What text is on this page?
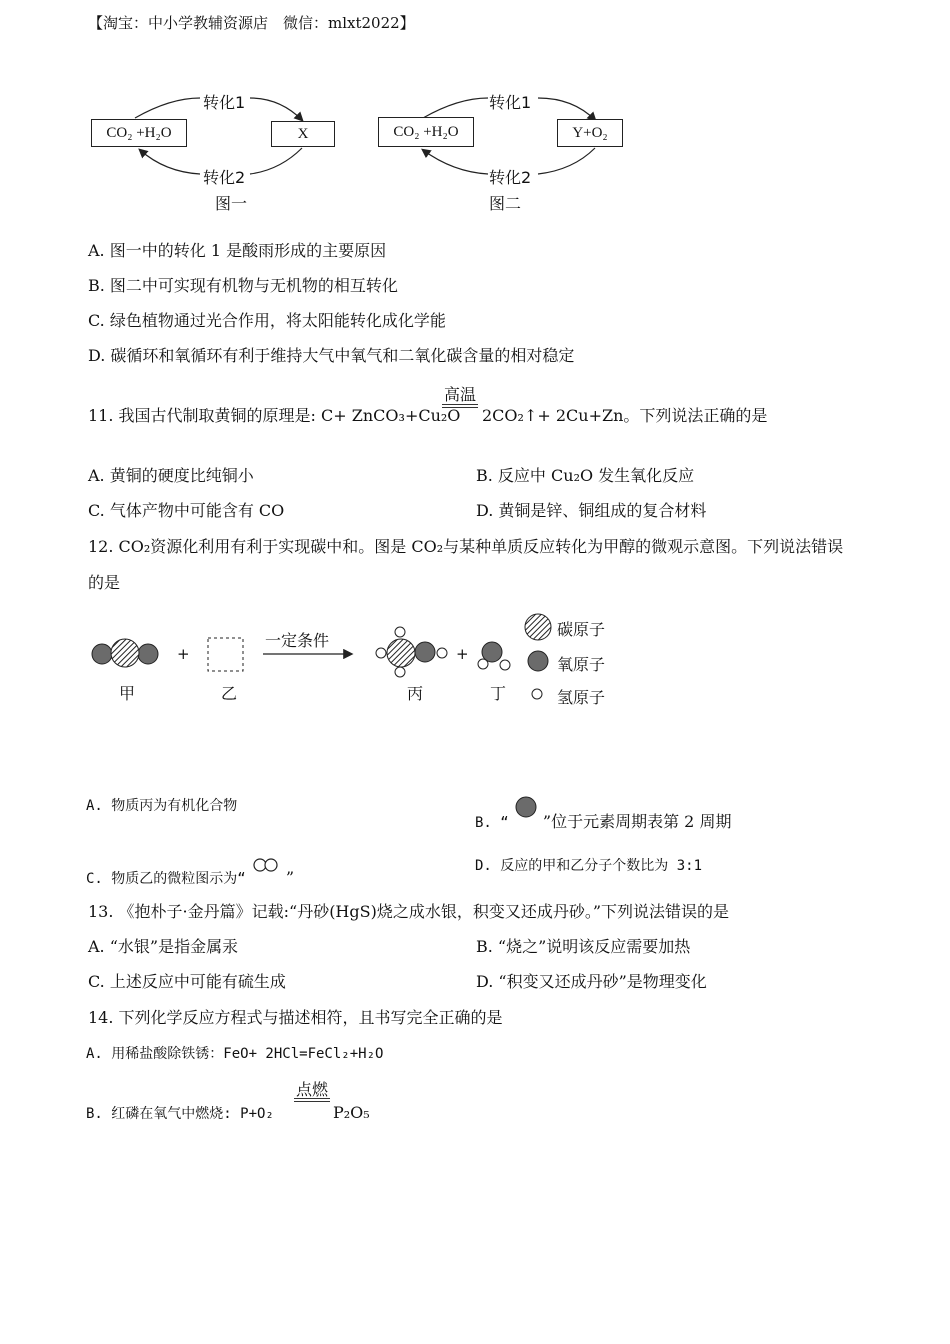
【淘宝：中小学教辅资源店　微信：mlxt2022】
CO₂ +H₂O	X
转化1
转化2
图一
CO₂ +H₂O	Y+O₂
转化1
转化2
图二
A. 图一中的转化 1 是酸雨形成的主要原因
B. 图二中可实现有机物与无机物的相互转化
C. 绿色植物通过光合作用，将太阳能转化成化学能
D. 碳循环和氧循环有利于维持大气中氧气和二氧化碳含量的相对稳定
11. 我国古代制取黄铜的原理是: C+ ZnCO₃+Cu₂O
高温
2CO₂↑+ 2Cu+Zn。下列说法正确的是
A. 黄铜的硬度比纯铜小	B. 反应中 Cu₂O 发生氧化反应
C. 气体产物中可能含有 CO	D. 黄铜是锌、铜组成的复合材料
12. CO₂资源化利用有利于实现碳中和。图是 CO₂与某种单质反应转化为甲醇的微观示意图。下列说法错误
的是
+	+
一定条件
甲	乙	丙	丁
碳原子
氧原子
氢原子
A. 物质丙为有机化合物
B. “ ”位于元素周期表第 2 周期
C. 物质乙的微粒图示为“	”
D. 反应的甲和乙分子个数比为 3:1
13. 《抱朴子·金丹篇》记载:“丹砂(HgS)烧之成水银，积变又还成丹砂。”下列说法错误的是
A. “水银”是指金属汞	B. “烧之”说明该反应需要加热
C. 上述反应中可能有硫生成	D. “积变又还成丹砂”是物理变化
14. 下列化学反应方程式与描述相符，且书写完全正确的是
A. 用稀盐酸除铁锈：FeO+ 2HCl=FeCl₂+H₂O
B. 红磷在氧气中燃烧: P+O₂
点燃
P₂O₅
